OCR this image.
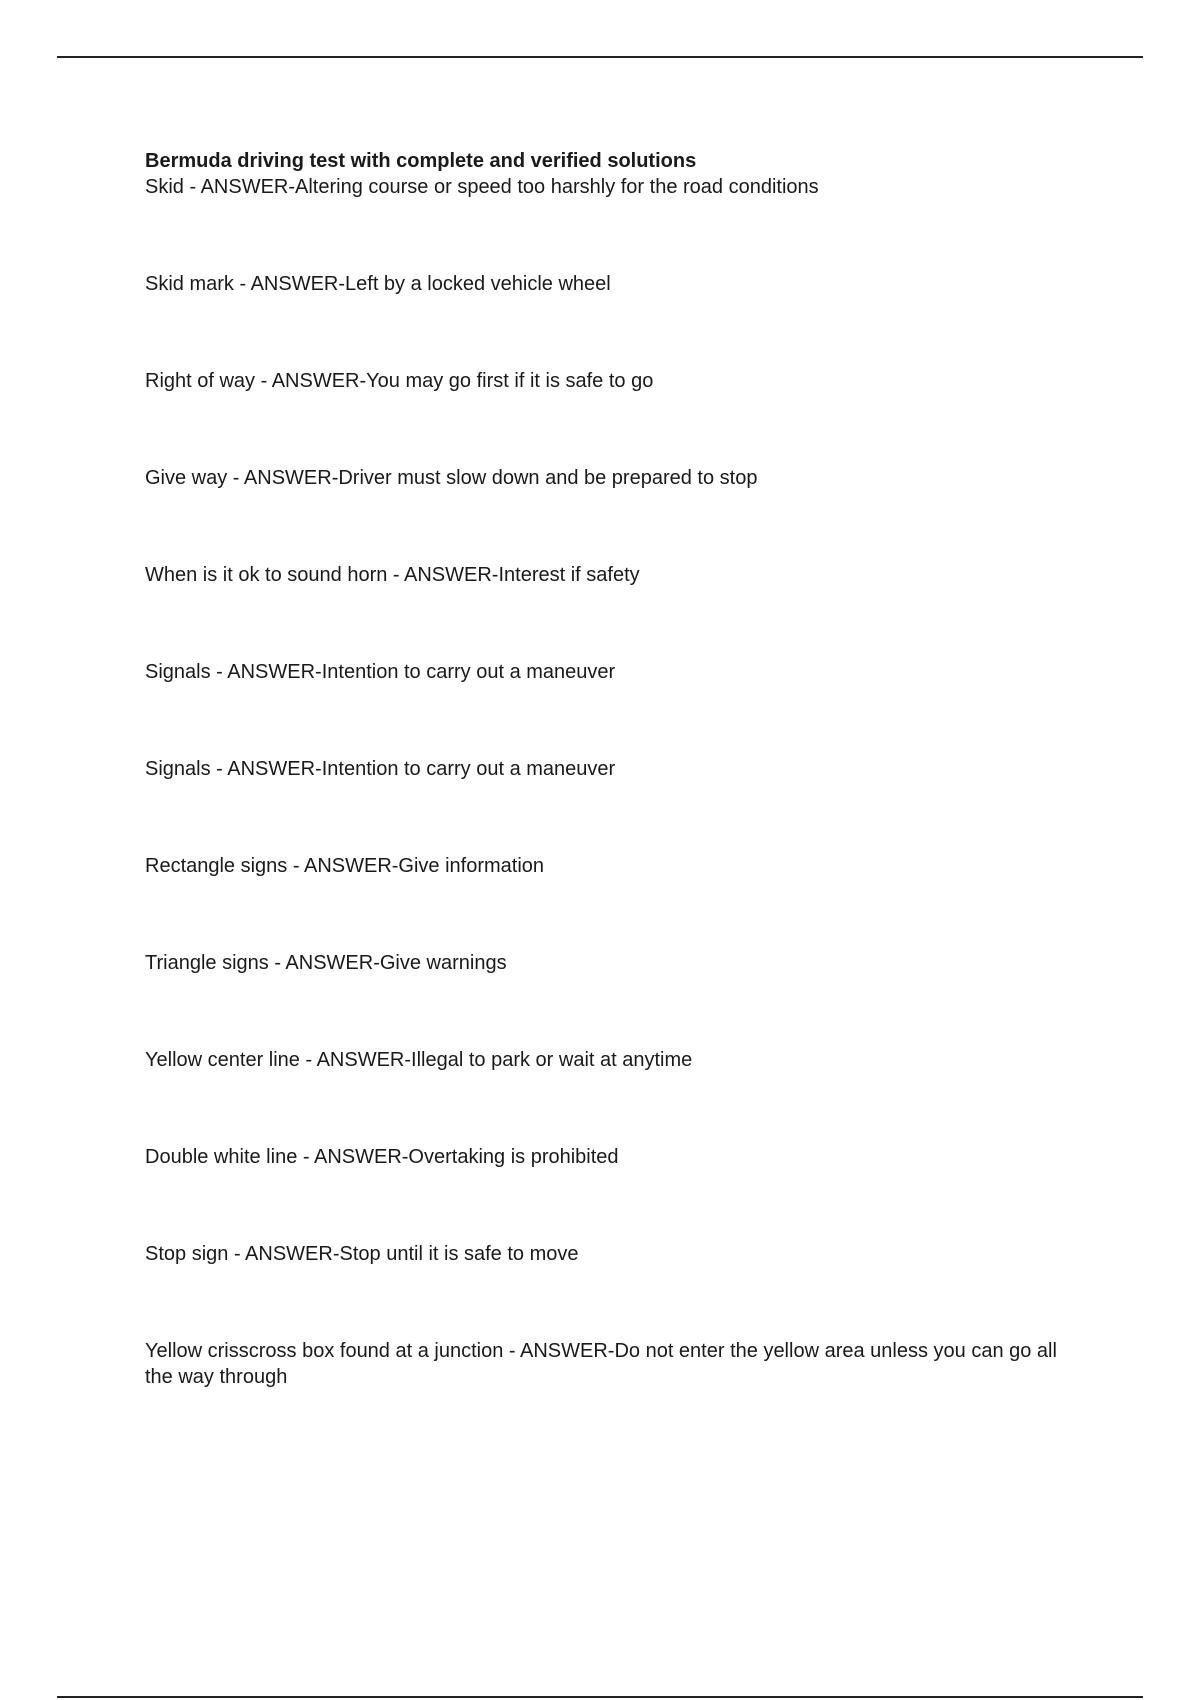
Bermuda driving test with complete and verified solutions

Skid - ANSWER-Altering course or speed too harshly for the road conditions
Skid mark - ANSWER-Left by a locked vehicle wheel
Right of way - ANSWER-You may go first if it is safe to go
Give way - ANSWER-Driver must slow down and be prepared to stop
When is it ok to sound horn - ANSWER-Interest if safety
Signals - ANSWER-Intention to carry out a maneuver
Signals - ANSWER-Intention to carry out a maneuver
Rectangle signs - ANSWER-Give information
Triangle signs - ANSWER-Give warnings
Yellow center line - ANSWER-Illegal to park or wait at anytime
Double white line - ANSWER-Overtaking is prohibited
Stop sign - ANSWER-Stop until it is safe to move
Yellow crisscross box found at a junction - ANSWER-Do not enter the yellow area unless you can go all the way through
